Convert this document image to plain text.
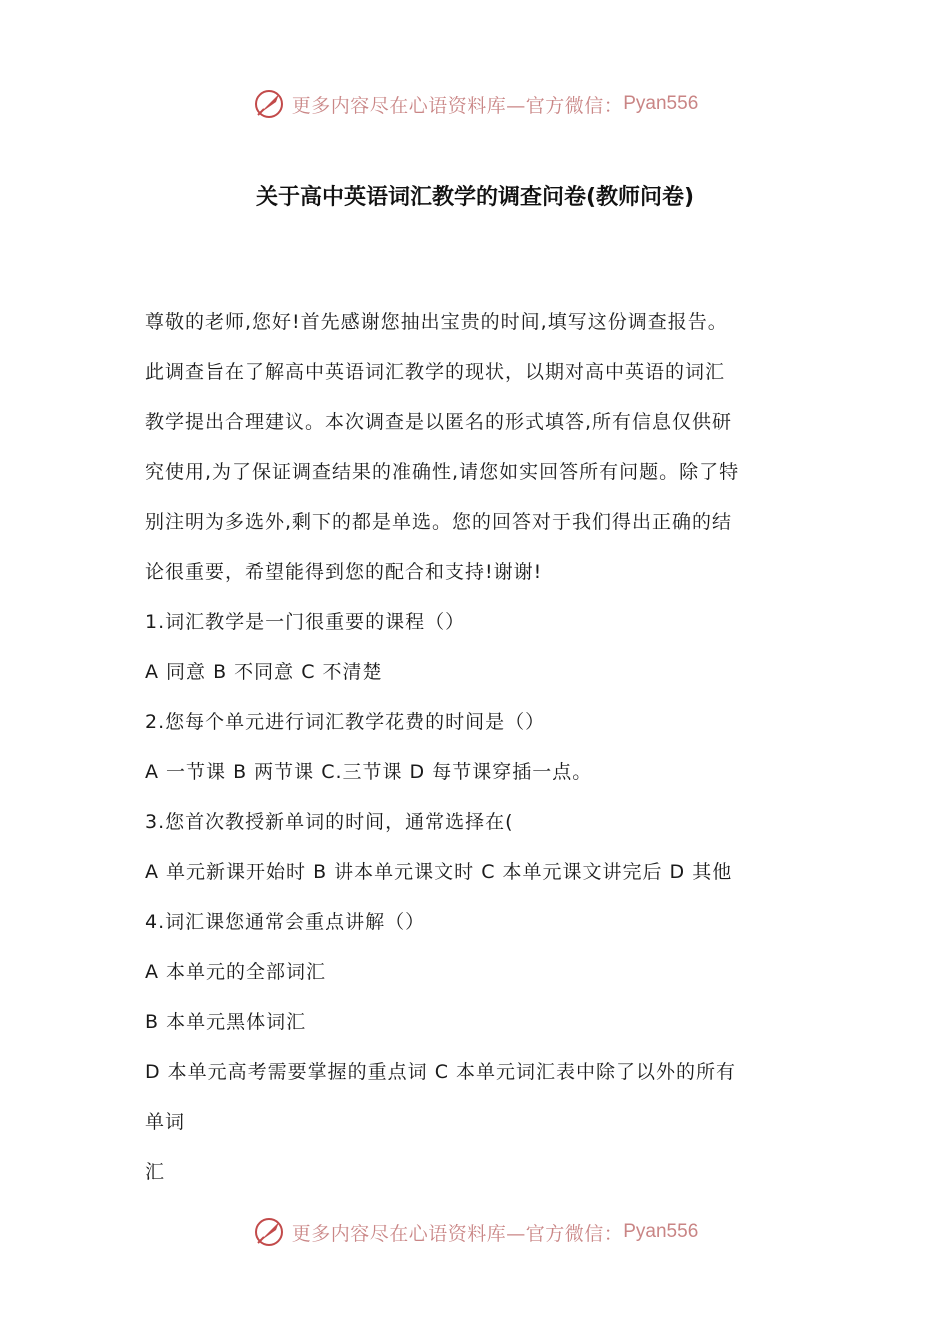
更多内容尽在心语资料库—官方微信： Pyan556
关于高中英语词汇教学的调查问卷(教师问卷)
尊敬的老师,您好!首先感谢您抽出宝贵的时间,填写这份调查报告。
此调查旨在了解高中英语词汇教学的现状，以期对高中英语的词汇
教学提出合理建议。本次调查是以匿名的形式填答,所有信息仅供研
究使用,为了保证调查结果的准确性,请您如实回答所有问题。除了特
别注明为多选外,剩下的都是单选。您的回答对于我们得出正确的结
论很重要，希望能得到您的配合和支持!谢谢!
1.词汇教学是一门很重要的课程（）
A 同意 B 不同意 C 不清楚
2.您每个单元进行词汇教学花费的时间是（）
A 一节课 B 两节课 C.三节课 D 每节课穿插一点。
3.您首次教授新单词的时间，通常选择在(
A 单元新课开始时 B 讲本单元课文时 C 本单元课文讲完后 D 其他
4.词汇课您通常会重点讲解（）
A 本单元的全部词汇
B 本单元黑体词汇
D 本单元高考需要掌握的重点词 C 本单元词汇表中除了以外的所有
单词
汇
更多内容尽在心语资料库—官方微信： Pyan556
